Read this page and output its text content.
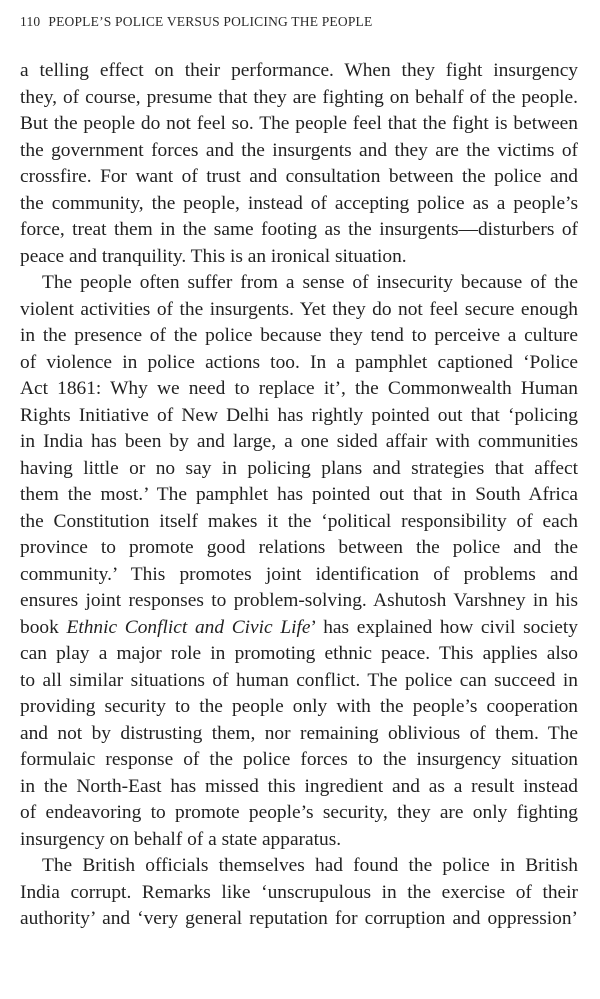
110 PEOPLE’S POLICE VERSUS POLICING THE PEOPLE
a telling effect on their performance. When they fight insurgency
they, of course, presume that they are fighting on behalf of the people.
But the people do not feel so. The people feel that the fight is between
the government forces and the insurgents and they are the victims of
crossfire. For want of trust and consultation between the police and
the community, the people, instead of accepting police as a people’s
force, treat them in the same footing as the insurgents—disturbers of
peace and tranquility. This is an ironical situation.
The people often suffer from a sense of insecurity because of the
violent activities of the insurgents. Yet they do not feel secure enough
in the presence of the police because they tend to perceive a culture
of violence in police actions too. In a pamphlet captioned ‘Police
Act 1861: Why we need to replace it’, the Commonwealth Human
Rights Initiative of New Delhi has rightly pointed out that ‘policing
in India has been by and large, a one sided affair with communities
having little or no say in policing plans and strategies that affect
them the most.’ The pamphlet has pointed out that in South Africa
the Constitution itself makes it the ‘political responsibility of each
province to promote good relations between the police and the
community.’ This promotes joint identification of problems and
ensures joint responses to problem-solving. Ashutosh Varshney in his
book Ethnic Conflict and Civic Life’ has explained how civil society
can play a major role in promoting ethnic peace. This applies also
to all similar situations of human conflict. The police can succeed in
providing security to the people only with the people’s cooperation
and not by distrusting them, nor remaining oblivious of them. The
formulaic response of the police forces to the insurgency situation
in the North-East has missed this ingredient and as a result instead
of endeavoring to promote people’s security, they are only fighting
insurgency on behalf of a state apparatus.
The British officials themselves had found the police in British
India corrupt. Remarks like ‘unscrupulous in the exercise of their
authority’ and ‘very general reputation for corruption and oppression’
